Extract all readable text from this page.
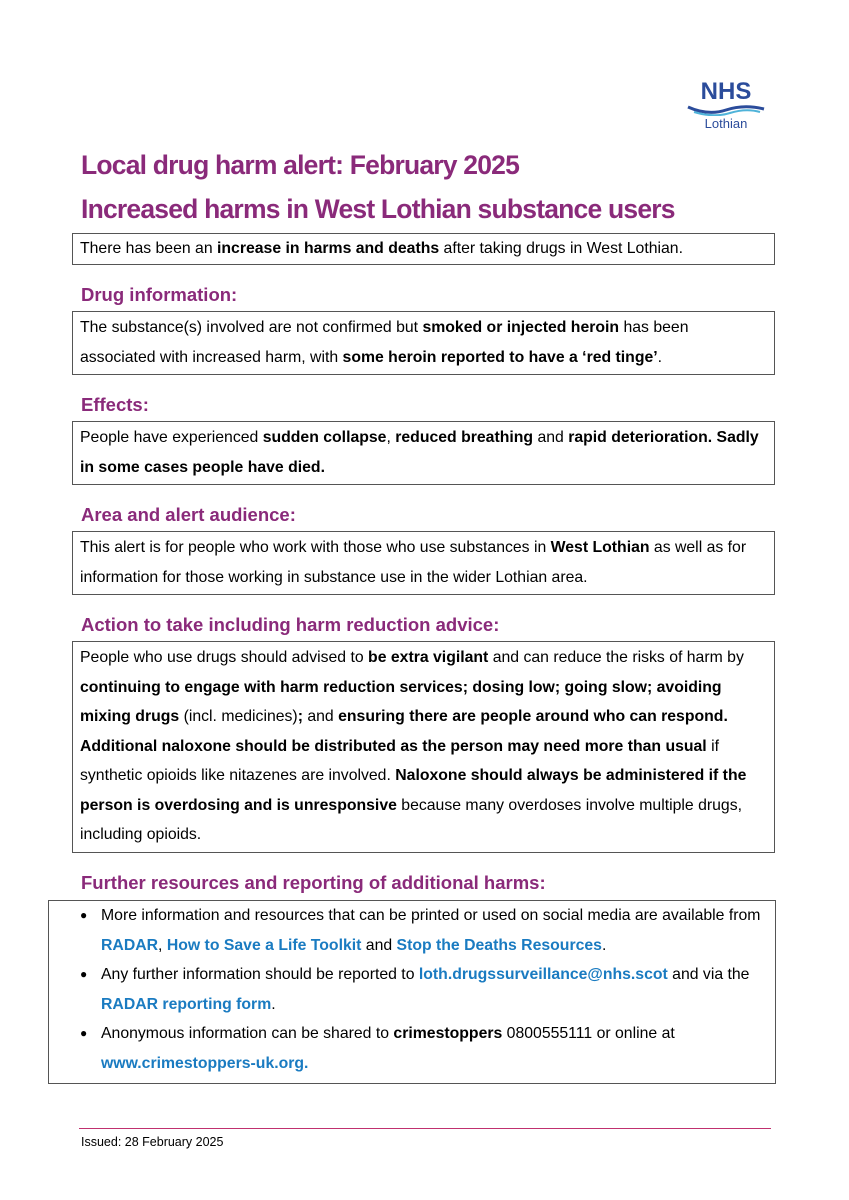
NHS
Lothian
Local drug harm alert: February 2025
Increased harms in West Lothian substance users

There has been an increase in harms and deaths after taking drugs in West Lothian.

Drug information:

The substance(s) involved are not confirmed but smoked or injected heroin has been associated with increased harm, with some heroin reported to have a ‘red tinge’.

Effects:

People have experienced sudden collapse, reduced breathing and rapid deterioration. Sadly in some cases people have died.

Area and alert audience:

This alert is for people who work with those who use substances in West Lothian as well as for information for those working in substance use in the wider Lothian area.

Action to take including harm reduction advice:

People who use drugs should advised to be extra vigilant and can reduce the risks of harm by continuing to engage with harm reduction services; dosing low; going slow; avoiding mixing drugs (incl. medicines); and ensuring there are people around who can respond. Additional naloxone should be distributed as the person may need more than usual if synthetic opioids like nitazenes are involved. Naloxone should always be administered if the person is overdosing and is unresponsive because many overdoses involve multiple drugs, including opioids.

Further resources and reporting of additional harms:
● More information and resources that can be printed or used on social media are available from RADAR, How to Save a Life Toolkit and Stop the Deaths Resources.
● Any further information should be reported to loth.drugssurveillance@nhs.scot and via the RADAR reporting form.
● Anonymous information can be shared to crimestoppers 0800555111 or online at www.crimestoppers-uk.org.
Issued: 28 February 2025
